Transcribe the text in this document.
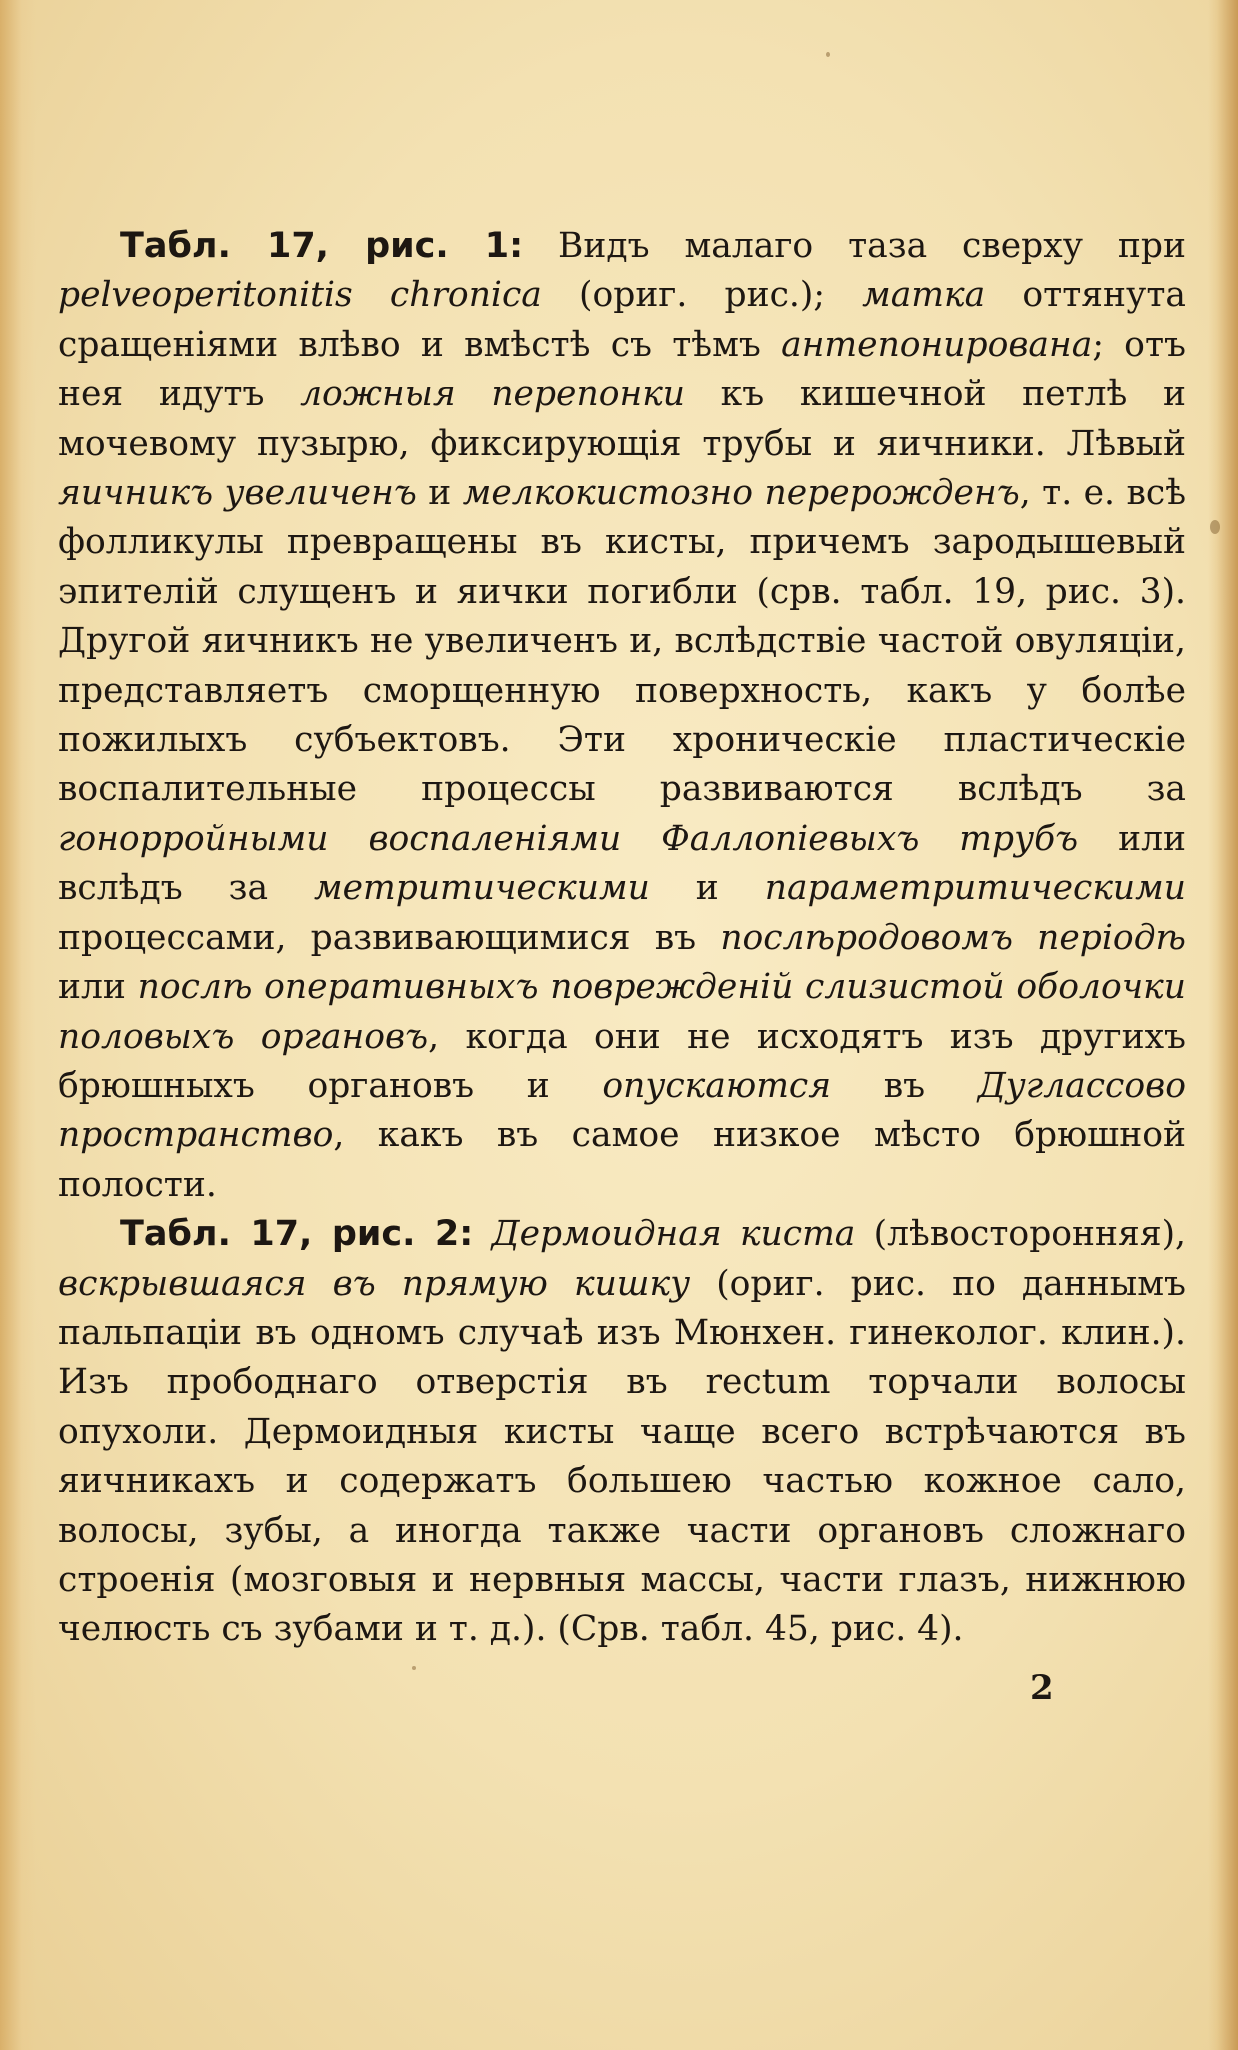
Табл. 17, рис. 1: Видъ малаго таза сверху при pelveoperitonitis chronica (ориг. рис.); матка оттянута сращеніями влѣво и вмѣстѣ съ тѣмъ антепонирована; отъ нея идутъ ложныя перепонки къ кишечной петлѣ и мочевому пузырю, фиксирующія трубы и яичники. Лѣвый яичникъ увеличенъ и мелкокистозно перерожденъ, т. е. всѣ фолликулы превращены въ кисты, причемъ зародышевый эпителій слущенъ и яички погибли (срв. табл. 19, рис. 3). Другой яичникъ не увеличенъ и, вслѣдствіе частой овуляціи, представляетъ сморщенную поверхность, какъ у болѣе пожилыхъ субъектовъ. Эти хроническіе пластическіе воспалительные процессы развиваются вслѣдъ за гонорройными воспаленіями Фаллопіевыхъ трубъ или вслѣдъ за метритическими и параметритическими процессами, развивающимися въ послѣродовомъ періодѣ или послѣ оперативныхъ поврежденій слизистой оболочки половыхъ органовъ, когда они не исходятъ изъ другихъ брюшныхъ органовъ и опускаются въ Дугласcово пространство, какъ въ самое низкое мѣсто брюшной полости.

Табл. 17, рис. 2: Дермоидная киста (лѣвосторонняя), вскрывшаяся въ прямую кишку (ориг. рис. по даннымъ пальпаціи въ одномъ случаѣ изъ Мюнхен. гинеколог. клин.). Изъ прободнаго отверстія въ rectum торчали волосы опухоли. Дермоидныя кисты чаще всего встрѣчаются въ яичникахъ и содержатъ большею частью кожное сало, волосы, зубы, а иногда также части органовъ сложнаго строенія (мозговыя и нервныя массы, части глазъ, нижнюю челюсть съ зубами и т. д.). (Срв. табл. 45, рис. 4).

2
